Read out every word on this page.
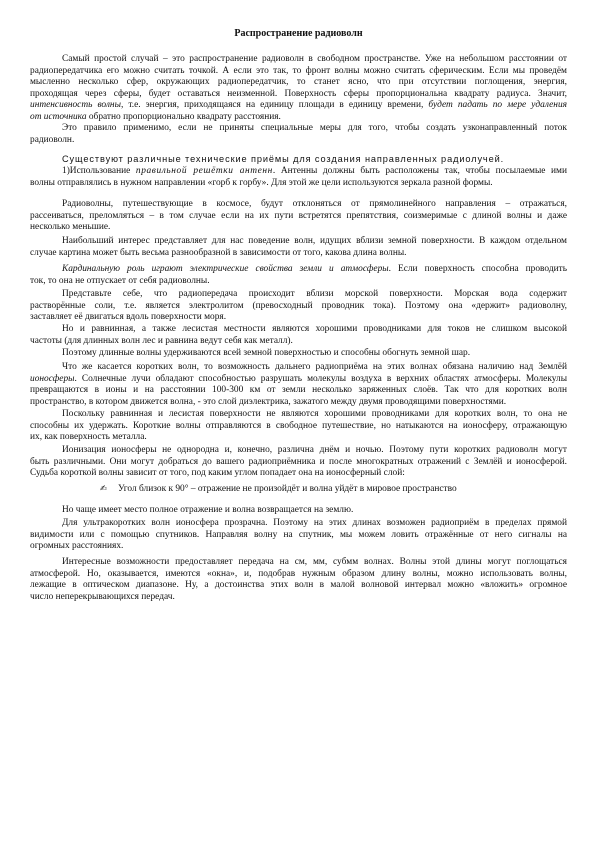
Распространение радиоволн
Самый простой случай – это распространение радиоволн в свободном пространстве. Уже на небольшом расстоянии от
радиопередатчика его можно считать точкой. А если это так, то фронт волны можно считать сферическим. Если мы проведём
мысленно несколько сфер, окружающих радиопередатчик, то станет ясно, что при отсутствии поглощения, энергия,
проходящая через сферы, будет оставаться неизменной. Поверхность сферы пропорциональна квадрату радиуса. Значит,
интенсивность волны, т.е. энергия, приходящаяся на единицу площади в единицу времени, будет падать по мере удаления
от источника обратно пропорционально квадрату расстояния.
Это правило применимо, если не приняты специальные меры для того, чтобы создать узконаправленный поток
радиоволн.
Существуют различные технические приёмы для создания направленных радиолучей.
1)Использование правильной решётки антенн. Антенны должны быть расположены так, чтобы посылаемые ими
волны отправлялись в нужном направлении «горб к горбу». Для этой же цели используются зеркала разной формы.
Радиоволны, путешествующие в космосе, будут отклоняться от прямолинейного направления – отражаться,
рассеиваться, преломляться – в том случае если на их пути встретятся препятствия, соизмеримые с длиной волны и даже
несколько меньшие.
Наибольший интерес представляет для нас поведение волн, идущих вблизи земной поверхности. В каждом отдельном
случае картина может быть весьма разнообразной в зависимости от того, какова длина волны.
Кардинальную роль играют электрические свойства земли и атмосферы. Если поверхность способна проводить
ток, то она не отпускает от себя радиоволны.
Представьте себе, что радиопередача происходит вблизи морской поверхности. Морская вода содержит
растворённые соли, т.е. является электролитом (превосходный проводник тока). Поэтому она «держит» радиоволну,
заставляет её двигаться вдоль поверхности моря.
Но и равнинная, а также лесистая местности являются хорошими проводниками для токов не слишком высокой
частоты (для длинных волн лес и равнина ведут себя как металл).
Поэтому длинные волны удерживаются всей земной поверхностью и способны обогнуть земной шар.
Что же касается коротких волн, то возможность дальнего радиоприёма на этих волнах обязана наличию над Землёй
ионосферы. Солнечные лучи обладают способностью разрушать молекулы воздуха в верхних областях атмосферы. Молекулы
превращаются в ионы и на расстоянии 100-300 км от земли несколько заряженных слоёв. Так что для коротких волн
пространство, в котором движется волна, - это слой диэлектрика, зажатого между двумя проводящими поверхностями.
Поскольку равнинная и лесистая поверхности не являются хорошими проводниками для коротких волн, то она не
способны их удержать. Короткие волны отправляются в свободное путешествие, но натыкаются на ионосферу, отражающую
их, как поверхность металла.
Ионизация ионосферы не однородна и, конечно, различна днём и ночью. Поэтому пути коротких радиоволн могут
быть различными. Они могут добраться до вашего радиоприёмника и после многократных отражений с Землёй и ионосферой.
Судьба короткой волны зависит от того, под каким углом попадает она на ионосферный слой:
✍
Угол близок к 90° – отражение не произойдёт и волна уйдёт в мировое пространство
Но чаще имеет место полное отражение и волна возвращается на землю.
Для ультракоротких волн ионосфера прозрачна. Поэтому на этих длинах возможен радиоприём в пределах прямой
видимости или с помощью спутников. Направляя волну на спутник, мы можем ловить отражённые от него сигналы на
огромных расстояниях.
Интересные возможности предоставляет передача на см, мм, субмм волнах. Волны этой длины могут поглощаться
атмосферой. Но, оказывается, имеются «окна», и, подобрав нужным образом длину волны, можно использовать волны,
лежащие в оптическом диапазоне. Ну, а достоинства этих волн в малой волновой интервал можно «вложить» огромное
число неперекрывающихся передач.
